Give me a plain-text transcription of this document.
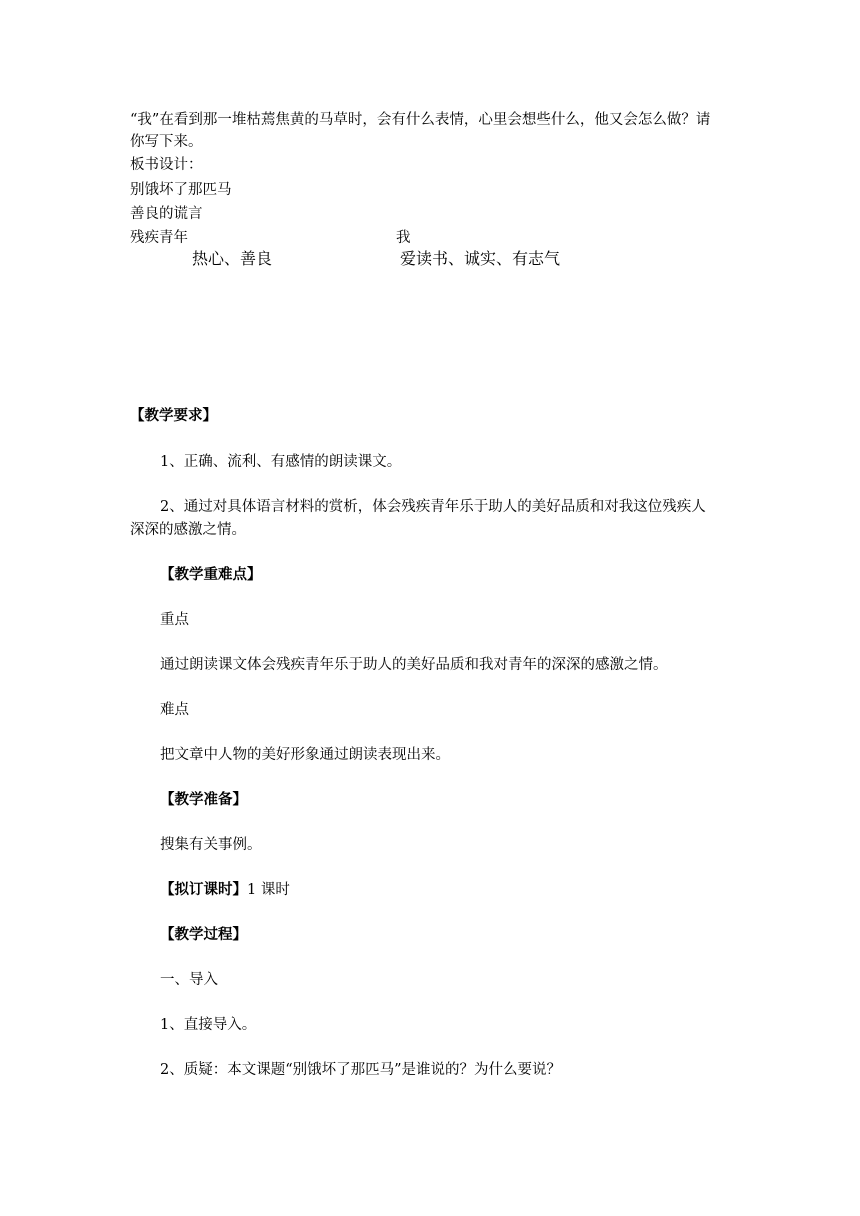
“我”在看到那一堆枯蔫焦黄的马草时，会有什么表情，心里会想些什么，他又会怎么做？请
你写下来。
板书设计：
别饿坏了那匹马
善良的谎言
残疾青年	我
热心、善良	爱读书、诚实、有志气
【教学要求】
1、正确、流利、有感情的朗读课文。
2、通过对具体语言材料的赏析，体会残疾青年乐于助人的美好品质和对我这位残疾人
深深的感激之情。
【教学重难点】
重点
通过朗读课文体会残疾青年乐于助人的美好品质和我对青年的深深的感激之情。
难点
把文章中人物的美好形象通过朗读表现出来。
【教学准备】
搜集有关事例。
【拟订课时】1 课时
【教学过程】
一、导入
1、直接导入。
2、质疑：本文课题“别饿坏了那匹马”是谁说的？为什么要说？
